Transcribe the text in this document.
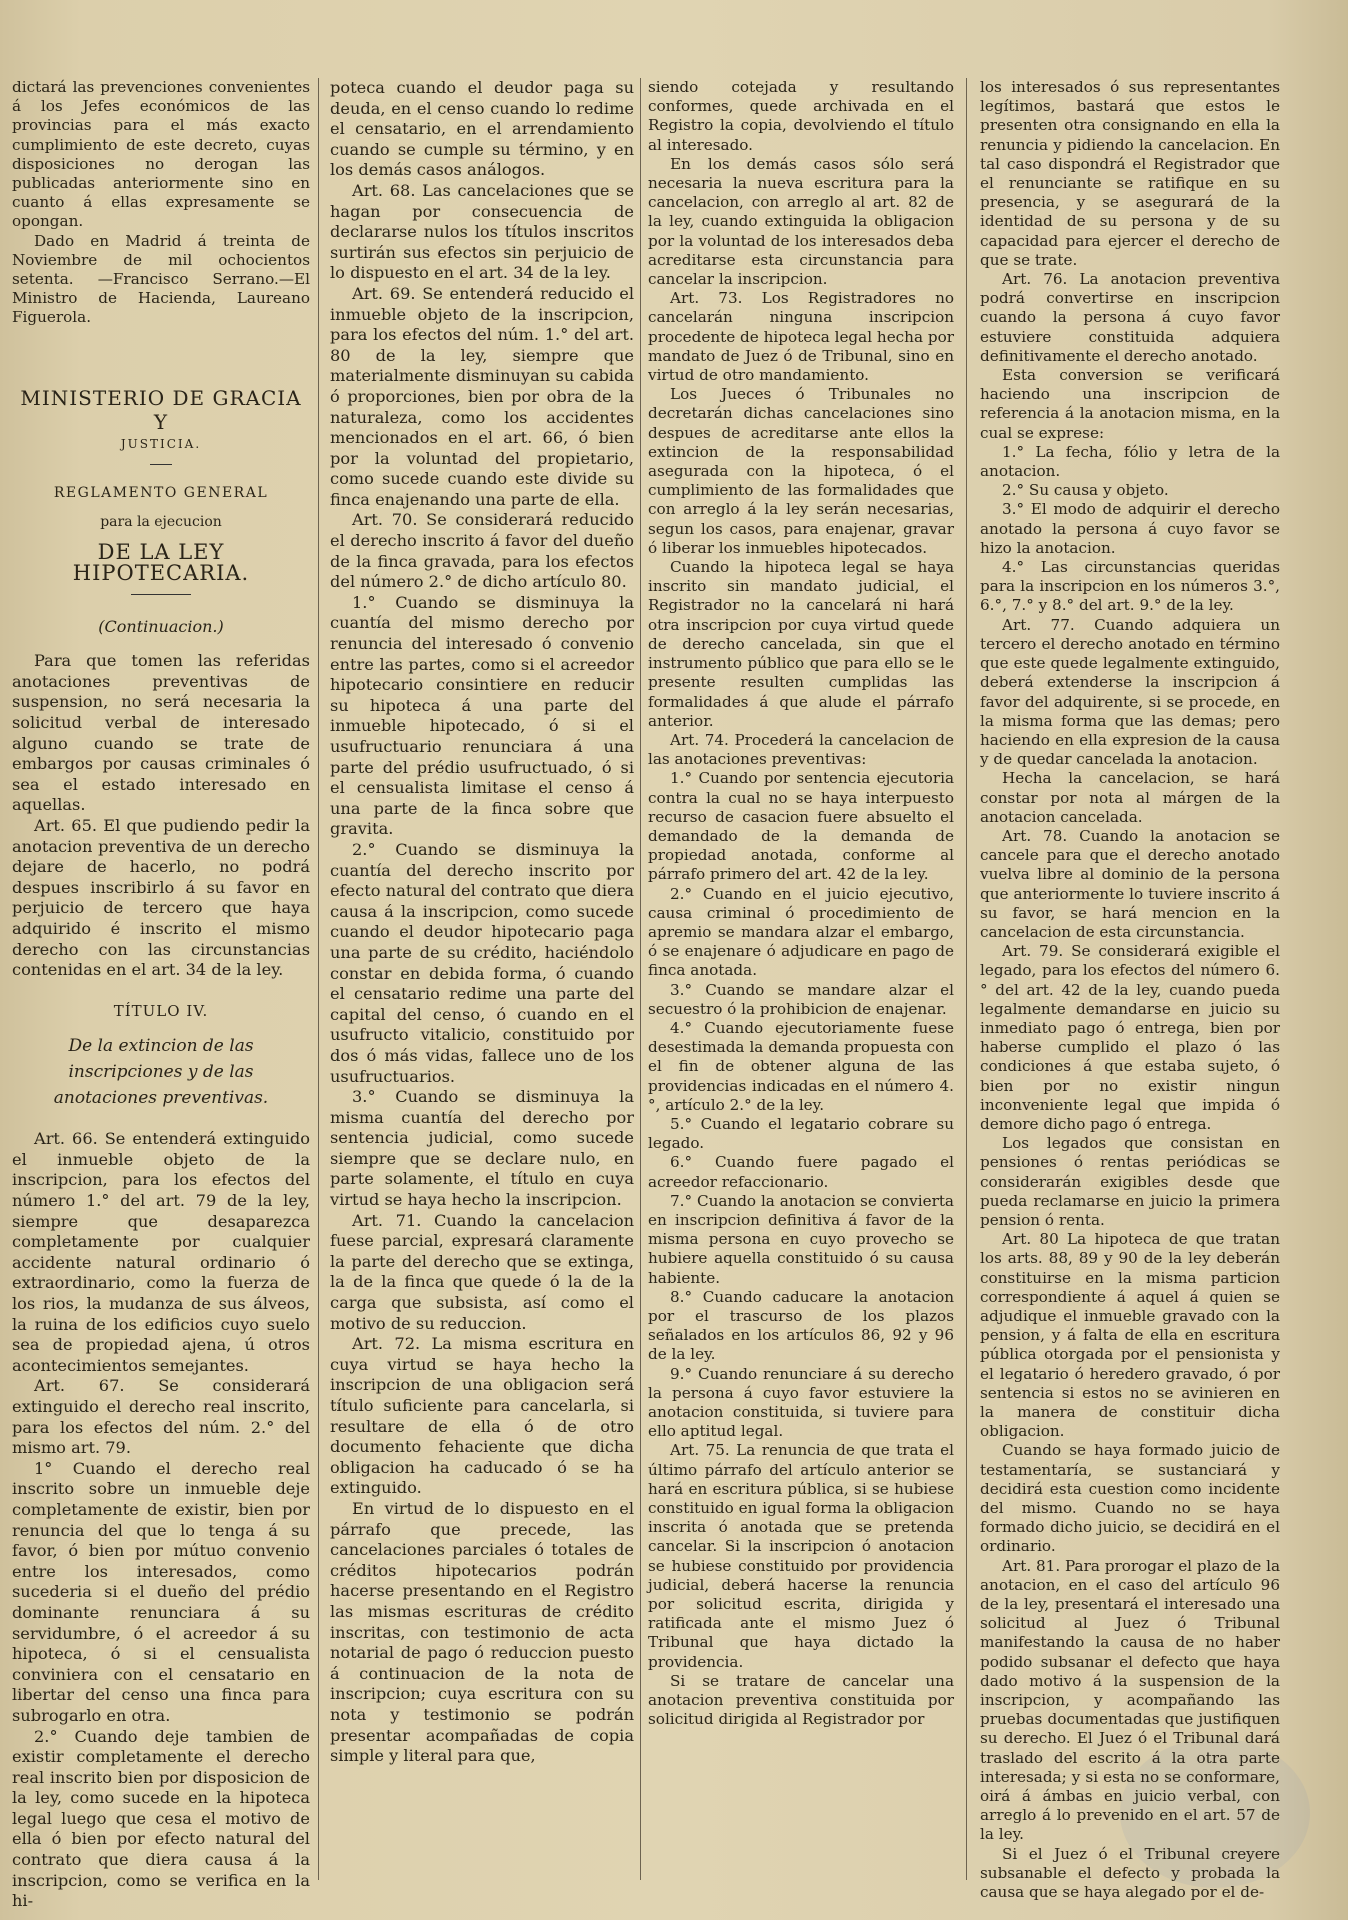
dictará las prevenciones convenientes á los Jefes económicos de las provincias para el más exacto cumplimiento de este decreto, cuyas disposiciones no derogan las publicadas anteriormente sino en cuanto á ellas expresamente se opongan.

Dado en Madrid á treinta de Noviembre de mil ochocientos setenta. —Francisco Serrano.—El Ministro de Hacienda, Laureano Figuerola.

MINISTERIO DE GRACIA Y
JUSTICIA.
REGLAMENTO GENERAL
para la ejecucion
DE LA LEY HIPOTECARIA.
(Continuacion.)

Para que tomen las referidas anotaciones preventivas de suspension, no será necesaria la solicitud verbal de interesado alguno cuando se trate de embargos por causas criminales ó sea el estado interesado en aquellas.

Art. 65. El que pudiendo pedir la anotacion preventiva de un derecho dejare de hacerlo, no podrá despues inscribirlo á su favor en perjuicio de tercero que haya adquirido é inscrito el mismo derecho con las circunstancias contenidas en el art. 34 de la ley.

TÍTULO IV.
De la extincion de las inscripciones y de las anotaciones preventivas.

Art. 66. Se entenderá extinguido el inmueble objeto de la inscripcion, para los efectos del número 1.° del art. 79 de la ley, siempre que desaparezca completamente por cualquier accidente natural ordinario ó extraordinario, como la fuerza de los rios, la mudanza de sus álveos, la ruina de los edificios cuyo suelo sea de propiedad ajena, ú otros acontecimientos semejantes.

Art. 67. Se considerará extinguido el derecho real inscrito, para los efectos del núm. 2.° del mismo art. 79.

1° Cuando el derecho real inscrito sobre un inmueble deje completamente de existir, bien por renuncia del que lo tenga á su favor, ó bien por mútuo convenio entre los interesados, como sucederia si el dueño del prédio dominante renunciara á su servidumbre, ó el acreedor á su hipoteca, ó si el censualista conviniera con el censatario en libertar del censo una finca para subrogarlo en otra.

2.° Cuando deje tambien de existir completamente el derecho real inscrito bien por disposicion de la ley, como sucede en la hipoteca legal luego que cesa el motivo de ella ó bien por efecto natural del contrato que diera causa á la inscripcion, como se verifica en la hi-

poteca cuando el deudor paga su deuda, en el censo cuando lo redime el censatario, en el arrendamiento cuando se cumple su término, y en los demás casos análogos.

Art. 68. Las cancelaciones que se hagan por consecuencia de declararse nulos los títulos inscritos surtirán sus efectos sin perjuicio de lo dispuesto en el art. 34 de la ley.

Art. 69. Se entenderá reducido el inmueble objeto de la inscripcion, para los efectos del núm. 1.° del art. 80 de la ley, siempre que materialmente disminuyan su cabida ó proporciones, bien por obra de la naturaleza, como los accidentes mencionados en el art. 66, ó bien por la voluntad del propietario, como sucede cuando este divide su finca enajenando una parte de ella.

Art. 70. Se considerará reducido el derecho inscrito á favor del dueño de la finca gravada, para los efectos del número 2.° de dicho artículo 80.

1.° Cuando se disminuya la cuantía del mismo derecho por renuncia del interesado ó convenio entre las partes, como si el acreedor hipotecario consintiere en reducir su hipoteca á una parte del inmueble hipotecado, ó si el usufructuario renunciara á una parte del prédio usufructuado, ó si el censualista limitase el censo á una parte de la finca sobre que gravita.

2.° Cuando se disminuya la cuantía del derecho inscrito por efecto natural del contrato que diera causa á la inscripcion, como sucede cuando el deudor hipotecario paga una parte de su crédito, haciéndolo constar en debida forma, ó cuando el censatario redime una parte del capital del censo, ó cuando en el usufructo vitalicio, constituido por dos ó más vidas, fallece uno de los usufructuarios.

3.° Cuando se disminuya la misma cuantía del derecho por sentencia judicial, como sucede siempre que se declare nulo, en parte solamente, el título en cuya virtud se haya hecho la inscripcion.

Art. 71. Cuando la cancelacion fuese parcial, expresará claramente la parte del derecho que se extinga, la de la finca que quede ó la de la carga que subsista, así como el motivo de su reduccion.

Art. 72. La misma escritura en cuya virtud se haya hecho la inscripcion de una obligacion será título suficiente para cancelarla, si resultare de ella ó de otro documento fehaciente que dicha obligacion ha caducado ó se ha extinguido.

En virtud de lo dispuesto en el párrafo que precede, las cancelaciones parciales ó totales de créditos hipotecarios podrán hacerse presentando en el Registro las mismas escrituras de crédito inscritas, con testimonio de acta notarial de pago ó reduccion puesto á continuacion de la nota de inscripcion; cuya escritura con su nota y testimonio se podrán presentar acompañadas de copia simple y literal para que,

siendo cotejada y resultando conformes, quede archivada en el Registro la copia, devolviendo el título al interesado.

En los demás casos sólo será necesaria la nueva escritura para la cancelacion, con arreglo al art. 82 de la ley, cuando extinguida la obligacion por la voluntad de los interesados deba acreditarse esta circunstancia para cancelar la inscripcion.

Art. 73. Los Registradores no cancelarán ninguna inscripcion procedente de hipoteca legal hecha por mandato de Juez ó de Tribunal, sino en virtud de otro mandamiento.

Los Jueces ó Tribunales no decretarán dichas cancelaciones sino despues de acreditarse ante ellos la extincion de la responsabilidad asegurada con la hipoteca, ó el cumplimiento de las formalidades que con arreglo á la ley serán necesarias, segun los casos, para enajenar, gravar ó liberar los inmuebles hipotecados.

Cuando la hipoteca legal se haya inscrito sin mandato judicial, el Registrador no la cancelará ni hará otra inscripcion por cuya virtud quede de derecho cancelada, sin que el instrumento público que para ello se le presente resulten cumplidas las formalidades á que alude el párrafo anterior.

Art. 74. Procederá la cancelacion de las anotaciones preventivas:

1.° Cuando por sentencia ejecutoria contra la cual no se haya interpuesto recurso de casacion fuere absuelto el demandado de la demanda de propiedad anotada, conforme al párrafo primero del art. 42 de la ley.

2.° Cuando en el juicio ejecutivo, causa criminal ó procedimiento de apremio se mandara alzar el embargo, ó se enajenare ó adjudicare en pago de finca anotada.

3.° Cuando se mandare alzar el secuestro ó la prohibicion de enajenar.

4.° Cuando ejecutoriamente fuese desestimada la demanda propuesta con el fin de obtener alguna de las providencias indicadas en el número 4.°, artículo 2.° de la ley.

5.° Cuando el legatario cobrare su legado.

6.° Cuando fuere pagado el acreedor refaccionario.

7.° Cuando la anotacion se convierta en inscripcion definitiva á favor de la misma persona en cuyo provecho se hubiere aquella constituido ó su causa habiente.

8.° Cuando caducare la anotacion por el trascurso de los plazos señalados en los artículos 86, 92 y 96 de la ley.

9.° Cuando renunciare á su derecho la persona á cuyo favor estuviere la anotacion constituida, si tuviere para ello aptitud legal.

Art. 75. La renuncia de que trata el último párrafo del artículo anterior se hará en escritura pública, si se hubiese constituido en igual forma la obligacion inscrita ó anotada que se pretenda cancelar. Si la inscripcion ó anotacion se hubiese constituido por providencia judicial, deberá hacerse la renuncia por solicitud escrita, dirigida y ratificada ante el mismo Juez ó Tribunal que haya dictado la providencia.

Si se tratare de cancelar una anotacion preventiva constituida por solicitud dirigida al Registrador por

los interesados ó sus representantes legítimos, bastará que estos le presenten otra consignando en ella la renuncia y pidiendo la cancelacion. En tal caso dispondrá el Registrador que el renunciante se ratifique en su presencia, y se asegurará de la identidad de su persona y de su capacidad para ejercer el derecho de que se trate.

Art. 76. La anotacion preventiva podrá convertirse en inscripcion cuando la persona á cuyo favor estuviere constituida adquiera definitivamente el derecho anotado.

Esta conversion se verificará haciendo una inscripcion de referencia á la anotacion misma, en la cual se exprese:

1.° La fecha, fólio y letra de la anotacion.

2.° Su causa y objeto.

3.° El modo de adquirir el derecho anotado la persona á cuyo favor se hizo la anotacion.

4.° Las circunstancias queridas para la inscripcion en los números 3.°, 6.°, 7.° y 8.° del art. 9.° de la ley.

Art. 77. Cuando adquiera un tercero el derecho anotado en término que este quede legalmente extinguido, deberá extenderse la inscripcion á favor del adquirente, si se procede, en la misma forma que las demas; pero haciendo en ella expresion de la causa y de quedar cancelada la anotacion.

Hecha la cancelacion, se hará constar por nota al márgen de la anotacion cancelada.

Art. 78. Cuando la anotacion se cancele para que el derecho anotado vuelva libre al dominio de la persona que anteriormente lo tuviere inscrito á su favor, se hará mencion en la cancelacion de esta circunstancia.

Art. 79. Se considerará exigible el legado, para los efectos del número 6.° del art. 42 de la ley, cuando pueda legalmente demandarse en juicio su inmediato pago ó entrega, bien por haberse cumplido el plazo ó las condiciones á que estaba sujeto, ó bien por no existir ningun inconveniente legal que impida ó demore dicho pago ó entrega.

Los legados que consistan en pensiones ó rentas periódicas se considerarán exigibles desde que pueda reclamarse en juicio la primera pension ó renta.

Art. 80 La hipoteca de que tratan los arts. 88, 89 y 90 de la ley deberán constituirse en la misma particion correspondiente á aquel á quien se adjudique el inmueble gravado con la pension, y á falta de ella en escritura pública otorgada por el pensionista y el legatario ó heredero gravado, ó por sentencia si estos no se avinieren en la manera de constituir dicha obligacion.

Cuando se haya formado juicio de testamentaría, se sustanciará y decidirá esta cuestion como incidente del mismo. Cuando no se haya formado dicho juicio, se decidirá en el ordinario.

Art. 81. Para prorogar el plazo de la anotacion, en el caso del artículo 96 de la ley, presentará el interesado una solicitud al Juez ó Tribunal manifestando la causa de no haber podido subsanar el defecto que haya dado motivo á la suspension de la inscripcion, y acompañando las pruebas documentadas que justifiquen su derecho. El Juez ó el Tribunal dará traslado del escrito á la otra parte interesada; y si esta no se conformare, oirá á ámbas en juicio verbal, con arreglo á lo prevenido en el art. 57 de la ley.

Si el Juez ó el Tribunal creyere subsanable el defecto y probada la causa que se haya alegado por el de-
